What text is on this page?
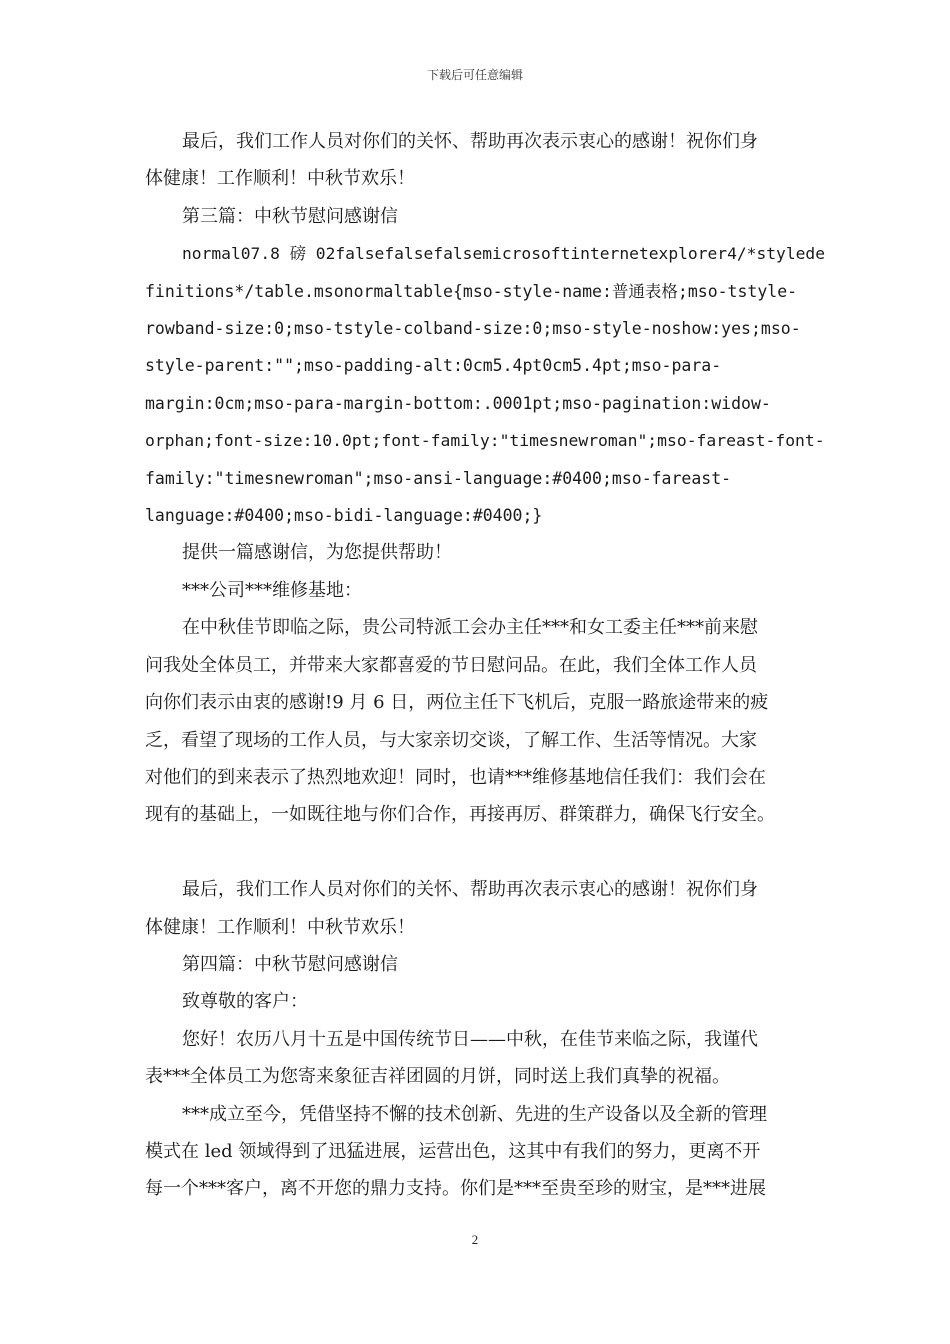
下载后可任意编辑
最后，我们工作人员对你们的关怀、帮助再次表示衷心的感谢！祝你们身
体健康！工作顺利！中秋节欢乐！
第三篇：中秋节慰问感谢信
normal07.8 磅 02falsefalsefalsemicrosoftinternetexplorer4/*stylede
finitions*/table.msonormaltable{mso-style-name:普通表格;mso-tstyle-
rowband-size:0;mso-tstyle-colband-size:0;mso-style-noshow:yes;mso-
style-parent:"";mso-padding-alt:0cm5.4pt0cm5.4pt;mso-para-
margin:0cm;mso-para-margin-bottom:.0001pt;mso-pagination:widow-
orphan;font-size:10.0pt;font-family:"timesnewroman";mso-fareast-font-
family:"timesnewroman";mso-ansi-language:#0400;mso-fareast-
language:#0400;mso-bidi-language:#0400;}
提供一篇感谢信，为您提供帮助！
***公司***维修基地：
在中秋佳节即临之际，贵公司特派工会办主任***和女工委主任***前来慰
问我处全体员工，并带来大家都喜爱的节日慰问品。在此，我们全体工作人员
向你们表示由衷的感谢!9 月 6 日，两位主任下飞机后，克服一路旅途带来的疲
乏，看望了现场的工作人员，与大家亲切交谈，了解工作、生活等情况。大家
对他们的到来表示了热烈地欢迎！同时，也请***维修基地信任我们：我们会在
现有的基础上，一如既往地与你们合作，再接再厉、群策群力，确保飞行安全。
最后，我们工作人员对你们的关怀、帮助再次表示衷心的感谢！祝你们身
体健康！工作顺利！中秋节欢乐！
第四篇：中秋节慰问感谢信
致尊敬的客户：
您好！农历八月十五是中国传统节日——中秋，在佳节来临之际，我谨代
表***全体员工为您寄来象征吉祥团圆的月饼，同时送上我们真挚的祝福。
***成立至今，凭借坚持不懈的技术创新、先进的生产设备以及全新的管理
模式在 led 领域得到了迅猛进展，运营出色，这其中有我们的努力，更离不开
每一个***客户，离不开您的鼎力支持。你们是***至贵至珍的财宝，是***进展
2
